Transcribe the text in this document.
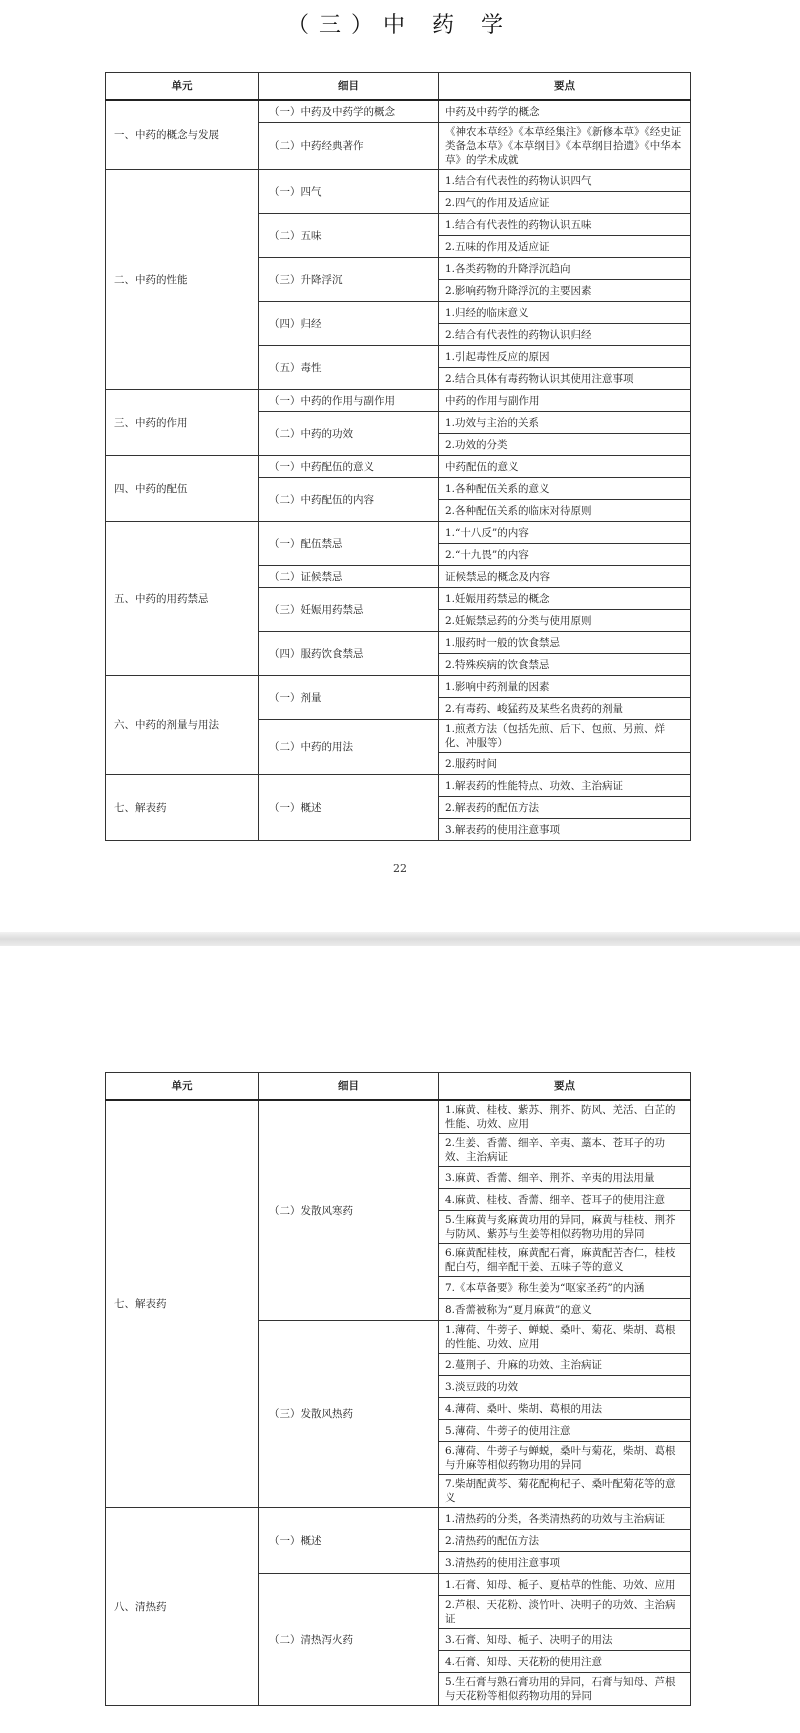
（三）中 药 学
单元	细目	要点
一、中药的概念与发展	（一）中药及中药学的概念	中药及中药学的概念
	（二）中药经典著作	《神农本草经》《本草经集注》《新修本草》《经史证类备急本草》《本草纲目》《本草纲目拾遗》《中华本草》的学术成就
二、中药的性能	（一）四气	1.结合有代表性的药物认识四气
		2.四气的作用及适应证
	（二）五味	1.结合有代表性的药物认识五味
		2.五味的作用及适应证
	（三）升降浮沉	1.各类药物的升降浮沉趋向
		2.影响药物升降浮沉的主要因素
	（四）归经	1.归经的临床意义
		2.结合有代表性的药物认识归经
	（五）毒性	1.引起毒性反应的原因
		2.结合具体有毒药物认识其使用注意事项
三、中药的作用	（一）中药的作用与副作用	中药的作用与副作用
	（二）中药的功效	1.功效与主治的关系
		2.功效的分类
四、中药的配伍	（一）中药配伍的意义	中药配伍的意义
	（二）中药配伍的内容	1.各种配伍关系的意义
		2.各种配伍关系的临床对待原则
五、中药的用药禁忌	（一）配伍禁忌	1.“十八反”的内容
		2.“十九畏”的内容
	（二）证候禁忌	证候禁忌的概念及内容
	（三）妊娠用药禁忌	1.妊娠用药禁忌的概念
		2.妊娠禁忌药的分类与使用原则
	（四）服药饮食禁忌	1.服药时一般的饮食禁忌
		2.特殊疾病的饮食禁忌
六、中药的剂量与用法	（一）剂量	1.影响中药剂量的因素
		2.有毒药、峻猛药及某些名贵药的剂量
	（二）中药的用法	1.煎煮方法（包括先煎、后下、包煎、另煎、烊化、冲服等）
		2.服药时间
七、解表药	（一）概述	1.解表药的性能特点、功效、主治病证
		2.解表药的配伍方法
		3.解表药的使用注意事项
22
单元	细目	要点
七、解表药	（二）发散风寒药	1.麻黄、桂枝、紫苏、荆芥、防风、羌活、白芷的性能、功效、应用
		2.生姜、香薷、细辛、辛夷、藁本、苍耳子的功效、主治病证
		3.麻黄、香薷、细辛、荆芥、辛夷的用法用量
		4.麻黄、桂枝、香薷、细辛、苍耳子的使用注意
		5.生麻黄与炙麻黄功用的异同，麻黄与桂枝、荆芥与防风、紫苏与生姜等相似药物功用的异同
		6.麻黄配桂枝，麻黄配石膏，麻黄配苦杏仁，桂枝配白芍，细辛配干姜、五味子等的意义
		7.《本草备要》称生姜为“呕家圣药”的内涵
		8.香薷被称为“夏月麻黄”的意义
	（三）发散风热药	1.薄荷、牛蒡子、蝉蜕、桑叶、菊花、柴胡、葛根的性能、功效、应用
		2.蔓荆子、升麻的功效、主治病证
		3.淡豆豉的功效
		4.薄荷、桑叶、柴胡、葛根的用法
		5.薄荷、牛蒡子的使用注意
		6.薄荷、牛蒡子与蝉蜕，桑叶与菊花，柴胡、葛根与升麻等相似药物功用的异同
		7.柴胡配黄芩、菊花配枸杞子、桑叶配菊花等的意义
八、清热药	（一）概述	1.清热药的分类，各类清热药的功效与主治病证
		2.清热药的配伍方法
		3.清热药的使用注意事项
	（二）清热泻火药	1.石膏、知母、栀子、夏枯草的性能、功效、应用
		2.芦根、天花粉、淡竹叶、决明子的功效、主治病证
		3.石膏、知母、栀子、决明子的用法
		4.石膏、知母、天花粉的使用注意
		5.生石膏与熟石膏功用的异同，石膏与知母、芦根与天花粉等相似药物功用的异同
